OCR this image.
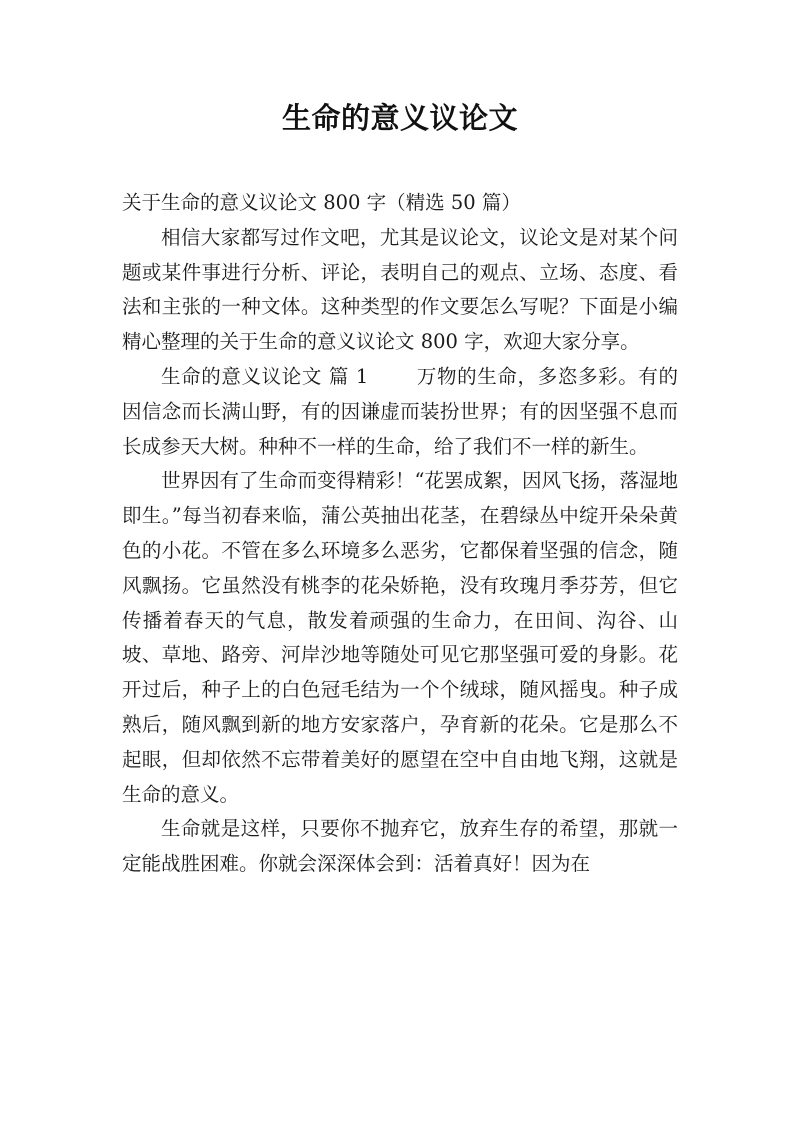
生命的意义议论文

关于生命的意义议论文 800 字（精选 50 篇）

相信大家都写过作文吧，尤其是议论文，议论文是对某个问题或某件事进行分析、评论，表明自己的观点、立场、态度、看法和主张的一种文体。这种类型的作文要怎么写呢？下面是小编精心整理的关于生命的意义议论文 800 字，欢迎大家分享。

生命的意义议论文 篇 1 万物的生命，多恣多彩。有的因信念而长满山野，有的因谦虚而装扮世界；有的因坚强不息而长成参天大树。种种不一样的生命，给了我们不一样的新生。

世界因有了生命而变得精彩！“花罢成絮，因风飞扬，落湿地即生。”每当初春来临，蒲公英抽出花茎，在碧绿丛中绽开朵朵黄色的小花。不管在多么环境多么恶劣，它都保着坚强的信念，随风飘扬。它虽然没有桃李的花朵娇艳，没有玫瑰月季芬芳，但它传播着春天的气息，散发着顽强的生命力，在田间、沟谷、山坡、草地、路旁、河岸沙地等随处可见它那坚强可爱的身影。花开过后，种子上的白色冠毛结为一个个绒球，随风摇曳。种子成熟后，随风飘到新的地方安家落户，孕育新的花朵。它是那么不起眼，但却依然不忘带着美好的愿望在空中自由地飞翔，这就是生命的意义。

生命就是这样，只要你不抛弃它，放弃生存的希望，那就一定能战胜困难。你就会深深体会到：活着真好！因为在
